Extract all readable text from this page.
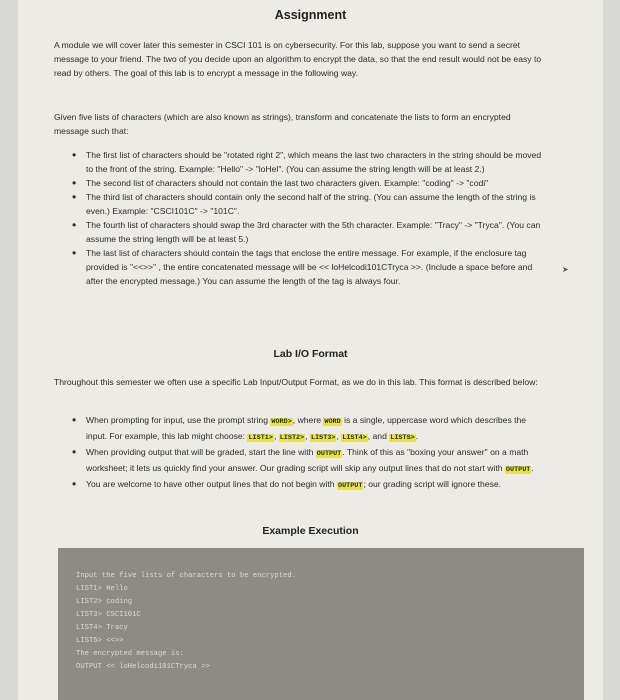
Assignment
A module we will cover later this semester in CSCI 101 is on cybersecurity. For this lab, suppose you want to send a secret message to your friend. The two of you decide upon an algorithm to encrypt the data, so that the end result would not be easy to read by others. The goal of this lab is to encrypt a message in the following way.
Given five lists of characters (which are also known as strings), transform and concatenate the lists to form an encrypted message such that:
• The first list of characters should be "rotated right 2", which means the last two characters in the string should be moved to the front of the string. Example: "Hello" -> "loHel". (You can assume the string length will be at least 2.)
• The second list of characters should not contain the last two characters given. Example: "coding" -> "codi"
• The third list of characters should contain only the second half of the string. (You can assume the length of the string is even.) Example: "CSCI101C" -> "101C".
• The fourth list of characters should swap the 3rd character with the 5th character. Example: "Tracy" -> "Tryca". (You can assume the string length will be at least 5.)
• The last list of characters should contain the tags that enclose the entire message. For example, if the enclosure tag provided is "<<>>" , the entire concatenated message will be << loHelcodi101CTryca >>. (Include a space before and after the encrypted message.) You can assume the length of the tag is always four.
Lab I/O Format
Throughout this semester we often use a specific Lab Input/Output Format, as we do in this lab. This format is described below:
• When prompting for input, use the prompt string WORD>, where WORD is a single, uppercase word which describes the input. For example, this lab might choose: LIST1>, LIST2>, LIST3>, LIST4>, and LISTS>.
• When providing output that will be graded, start the line with OUTPUT. Think of this as "boxing your answer" on a math worksheet; it lets us quickly find your answer. Our grading script will skip any output lines that do not start with OUTPUT.
• You are welcome to have other output lines that do not begin with OUTPUT; our grading script will ignore these.
Example Execution
Input the five lists of characters to be encrypted.
LIST1> Hello
LIST2> coding
LIST3> CSCI101C
LIST4> Tracy
LIST5> <<>>
The encrypted message is:
OUTPUT << loHelcodi101CTryca >>
➤
